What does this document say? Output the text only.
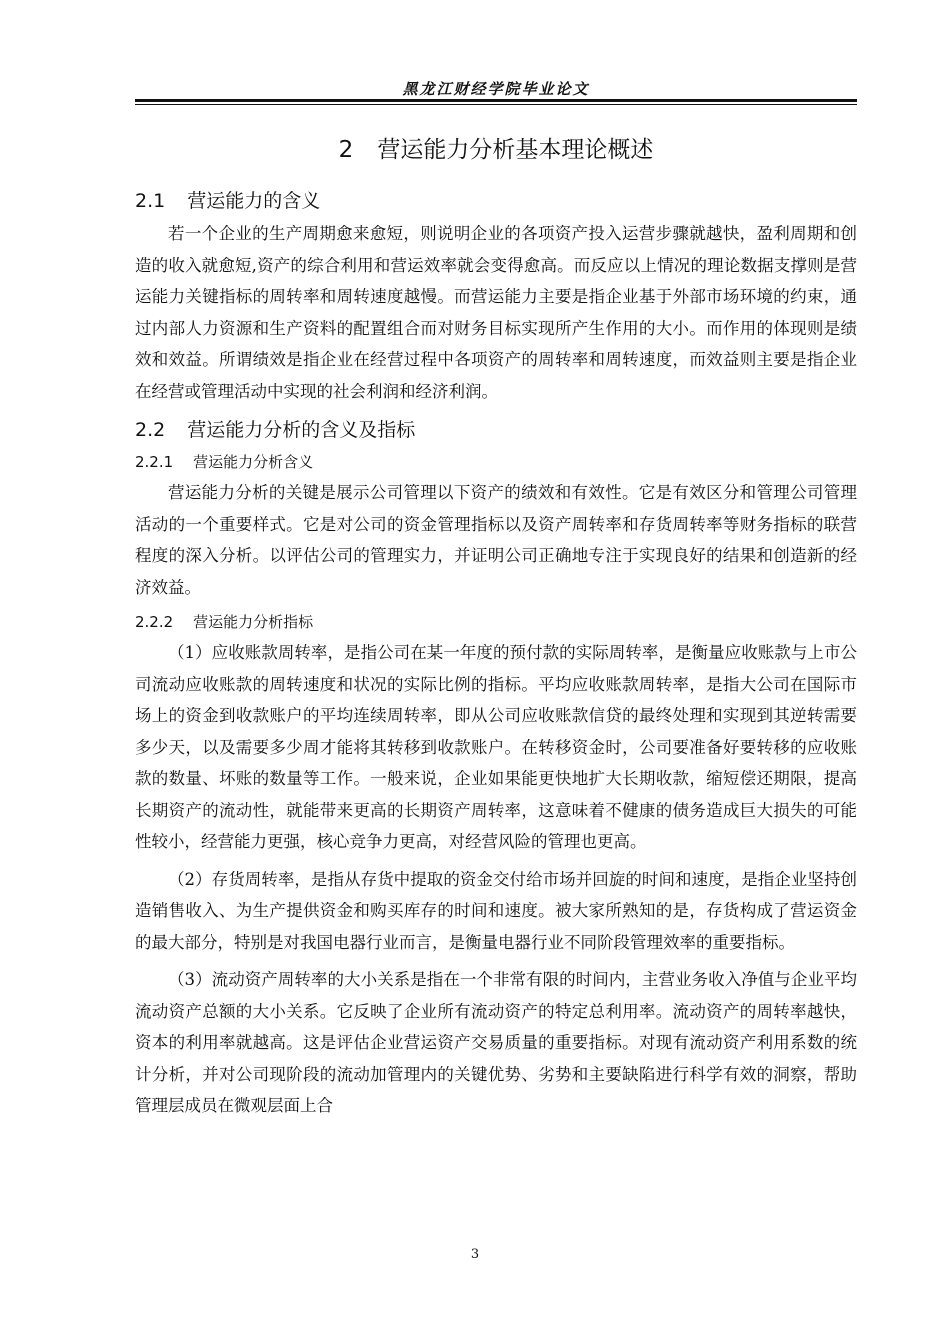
黑龙江财经学院毕业论文
2 营运能力分析基本理论概述
2.1 营运能力的含义

若一个企业的生产周期愈来愈短，则说明企业的各项资产投入运营步骤就越快，盈利周期和创造的收入就愈短,资产的综合利用和营运效率就会变得愈高。而反应以上情况的理论数据支撑则是营运能力关键指标的周转率和周转速度越慢。而营运能力主要是指企业基于外部市场环境的约束，通过内部人力资源和生产资料的配置组合而对财务目标实现所产生作用的大小。而作用的体现则是绩效和效益。所谓绩效是指企业在经营过程中各项资产的周转率和周转速度，而效益则主要是指企业在经营或管理活动中实现的社会利润和经济利润。

2.2 营运能力分析的含义及指标
2.2.1 营运能力分析含义

营运能力分析的关键是展示公司管理以下资产的绩效和有效性。它是有效区分和管理公司管理活动的一个重要样式。它是对公司的资金管理指标以及资产周转率和存货周转率等财务指标的联营程度的深入分析。以评估公司的管理实力，并证明公司正确地专注于实现良好的结果和创造新的经济效益。

2.2.2 营运能力分析指标

（1）应收账款周转率，是指公司在某一年度的预付款的实际周转率，是衡量应收账款与上市公司流动应收账款的周转速度和状况的实际比例的指标。平均应收账款周转率，是指大公司在国际市场上的资金到收款账户的平均连续周转率，即从公司应收账款信贷的最终处理和实现到其逆转需要多少天，以及需要多少周才能将其转移到收款账户。在转移资金时，公司要准备好要转移的应收账款的数量、坏账的数量等工作。一般来说，企业如果能更快地扩大长期收款，缩短偿还期限，提高长期资产的流动性，就能带来更高的长期资产周转率，这意味着不健康的债务造成巨大损失的可能性较小，经营能力更强，核心竞争力更高，对经营风险的管理也更高。

（2）存货周转率，是指从存货中提取的资金交付给市场并回旋的时间和速度，是指企业坚持创造销售收入、为生产提供资金和购买库存的时间和速度。被大家所熟知的是，存货构成了营运资金的最大部分，特别是对我国电器行业而言，是衡量电器行业不同阶段管理效率的重要指标。

（3）流动资产周转率的大小关系是指在一个非常有限的时间内，主营业务收入净值与企业平均流动资产总额的大小关系。它反映了企业所有流动资产的特定总利用率。流动资产的周转率越快，资本的利用率就越高。这是评估企业营运资产交易质量的重要指标。对现有流动资产利用系数的统计分析，并对公司现阶段的流动加管理内的关键优势、劣势和主要缺陷进行科学有效的洞察，帮助管理层成员在微观层面上合

3
